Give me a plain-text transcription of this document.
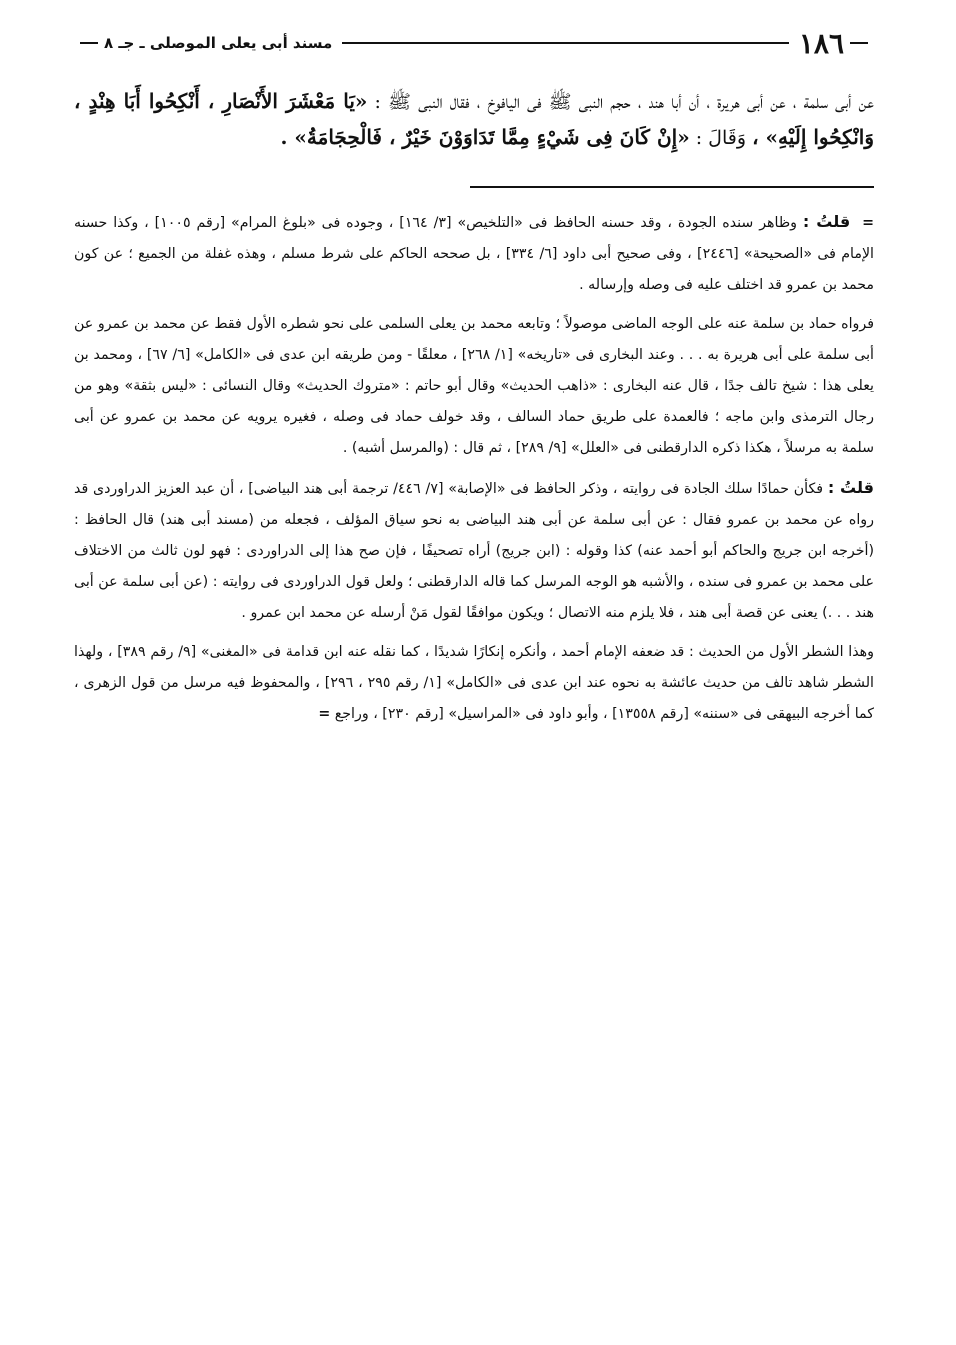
١٨٦
مسند أبى يعلى الموصلى ـ جـ ٨

عن أبى سلمة ، عن أبى هريرة ، أن أبا هند ، حجم النبى ﷺ فى اليافوخ ، فقال النبى ﷺ : «يَا مَعْشَرَ الأَنْصَارِ ، أَنْكِحُوا أَبَا هِنْدٍ ، وَانْكِحُوا إِلَيْهِ» ، وَقَالَ : «إِنْ كَانَ فِى شَيْءٍ مِمَّا تَدَاوَوْنَ خَيْرٌ ، فَالْحِجَامَةُ» .

= قلتُ : وظاهر سنده الجودة ، وقد حسنه الحافظ فى «التلخيص» [٣/ ١٦٤] ، وجوده فى «بلوغ المرام» [رقم ١٠٠٥] ، وكذا حسنه الإمام فى «الصحيحة» [٢٤٤٦] ، وفى صحيح أبى داود [٦/ ٣٣٤] ، بل صححه الحاكم على شرط مسلم ، وهذه غفلة من الجميع ؛ عن كون محمد بن عمرو قد اختلف عليه فى وصله وإرساله .

فرواه حماد بن سلمة عنه على الوجه الماضى موصولاً ؛ وتابعه محمد بن يعلى السلمى على نحو شطره الأول فقط عن محمد بن عمرو عن أبى سلمة على أبى هريرة به . . . وعند البخارى فى «تاريخه» [١/ ٢٦٨] ، معلقًا - ومن طريقه ابن عدى فى «الكامل» [٦/ ٦٧] ، ومحمد بن يعلى هذا : شيخ تالف جدًا ، قال عنه البخارى : «ذاهب الحديث» وقال أبو حاتم : «متروك الحديث» وقال النسائى : «ليس بثقة» وهو من رجال الترمذى وابن ماجه ؛ فالعمدة على طريق حماد السالف ، وقد خولف حماد فى وصله ، فغيره يرويه عن محمد بن عمرو عن أبى سلمة به مرسلاً ، هكذا ذكره الدارقطنى فى «العلل» [٩/ ٢٨٩] ، ثم قال : (والمرسل أشبه) .

قلتُ : فكأن حمادًا سلك الجادة فى روايته ، وذكر الحافظ فى «الإصابة» [٧/ ٤٤٦/ ترجمة أبى هند البياضى] ، أن عبد العزيز الدراوردى قد رواه عن محمد بن عمرو فقال : عن أبى سلمة عن أبى هند البياضى به نحو سياق المؤلف ، فجعله من (مسند أبى هند) قال الحافظ : (أخرجه ابن جريج والحاكم أبو أحمد عنه) كذا وقوله : (ابن جريج) أراه تصحيفًا ، فإن صح هذا إلى الدراوردى : فهو لون ثالث من الاختلاف على محمد بن عمرو فى سنده ، والأشبه هو الوجه المرسل كما قاله الدارقطنى ؛ ولعل قول الدراوردى فى روايته : (عن أبى سلمة عن أبى هند . . .) يعنى عن قصة أبى هند ، فلا يلزم منه الاتصال ؛ ويكون موافقًا لقول مَنْ أرسله عن محمد ابن عمرو .

وهذا الشطر الأول من الحديث : قد ضعفه الإمام أحمد ، وأنكره إنكارًا شديدًا ، كما نقله عنه ابن قدامة فى «المغنى» [٩/ رقم ٣٨٩] ، ولهذا الشطر شاهد تالف من حديث عائشة به نحوه عند ابن عدى فى «الكامل» [١/ رقم ٢٩٥ ، ٢٩٦] ، والمحفوظ فيه مرسل من قول الزهرى ، كما أخرجه البيهقى فى «سننه» [رقم ١٣٥٥٨] ، وأبو داود فى «المراسيل» [رقم ٢٣٠] ، وراجع =
